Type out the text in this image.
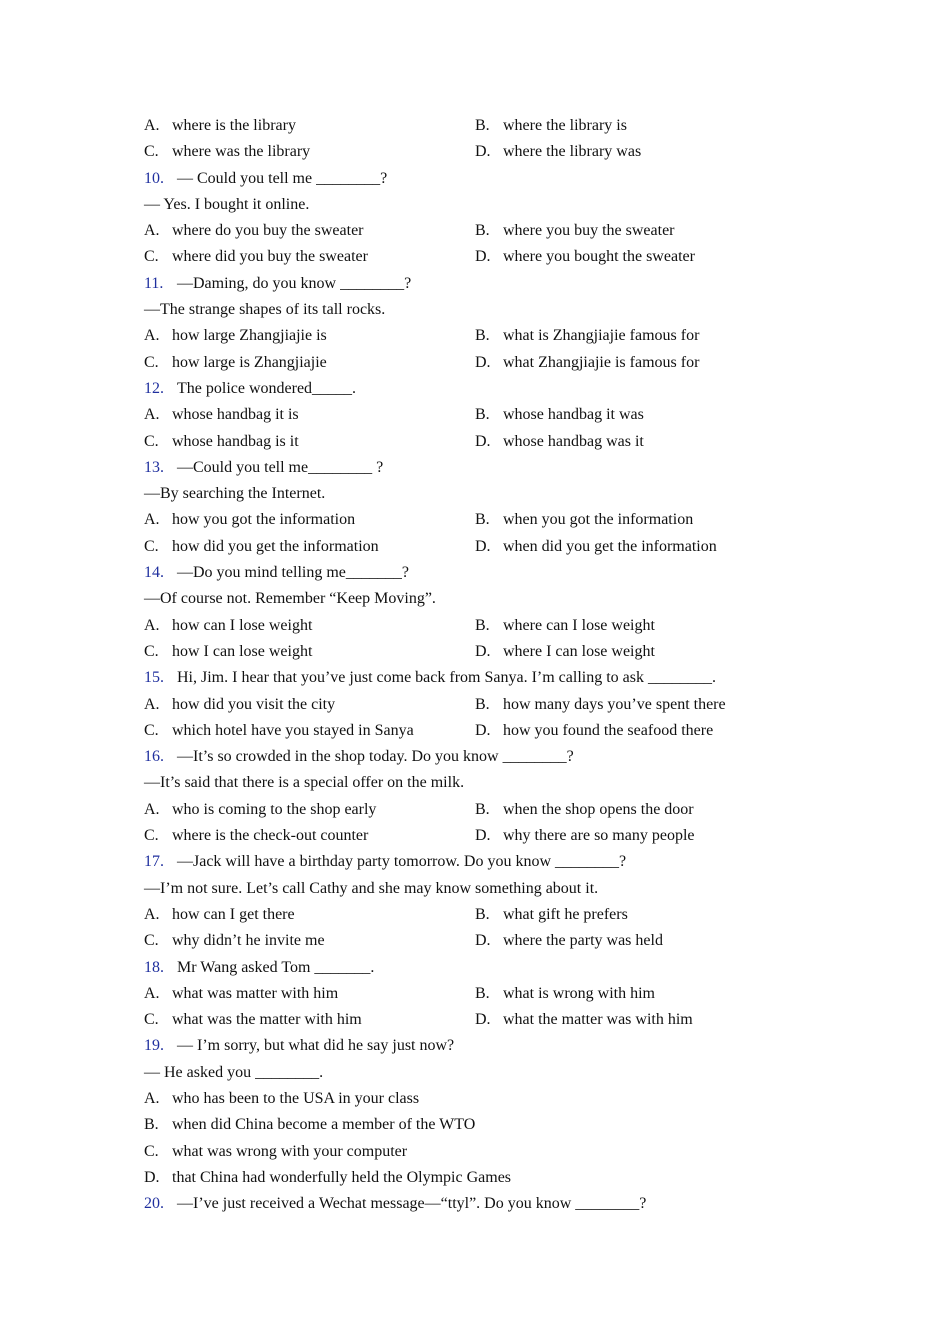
A. where is the library	B. where the library is
C. where was the library	D. where the library was
10. — Could you tell me ________?
— Yes. I bought it online.
A. where do you buy the sweater	B. where you buy the sweater
C. where did you buy the sweater	D. where you bought the sweater
11. —Daming, do you know ________?
—The strange shapes of its tall rocks.
A. how large Zhangjiajie is	B. what is Zhangjiajie famous for
C. how large is Zhangjiajie	D. what Zhangjiajie is famous for
12. The police wondered_____.
A. whose handbag it is	B. whose handbag it was
C. whose handbag is it	D. whose handbag was it
13. —Could you tell me________ ?
—By searching the Internet.
A. how you got the information	B. when you got the information
C. how did you get the information	D. when did you get the information
14. —Do you mind telling me_______?
—Of course not. Remember “Keep Moving”.
A. how can I lose weight	B. where can I lose weight
C. how I can lose weight	D. where I can lose weight
15. Hi, Jim. I hear that you’ve just come back from Sanya. I’m calling to ask ________.
A. how did you visit the city	B. how many days you’ve spent there
C. which hotel have you stayed in Sanya	D. how you found the seafood there
16. —It’s so crowded in the shop today. Do you know ________?
—It’s said that there is a special offer on the milk.
A. who is coming to the shop early	B. when the shop opens the door
C. where is the check-out counter	D. why there are so many people
17. —Jack will have a birthday party tomorrow. Do you know ________?
—I’m not sure. Let’s call Cathy and she may know something about it.
A. how can I get there	B. what gift he prefers
C. why didn’t he invite me	D. where the party was held
18. Mr Wang asked Tom _______.
A. what was matter with him	B. what is wrong with him
C. what was the matter with him	D. what the matter was with him
19. — I’m sorry, but what did he say just now?
— He asked you ________.
A. who has been to the USA in your class
B. when did China become a member of the WTO
C. what was wrong with your computer
D. that China had wonderfully held the Olympic Games
20. —I’ve just received a Wechat message—“ttyl”. Do you know ________?
